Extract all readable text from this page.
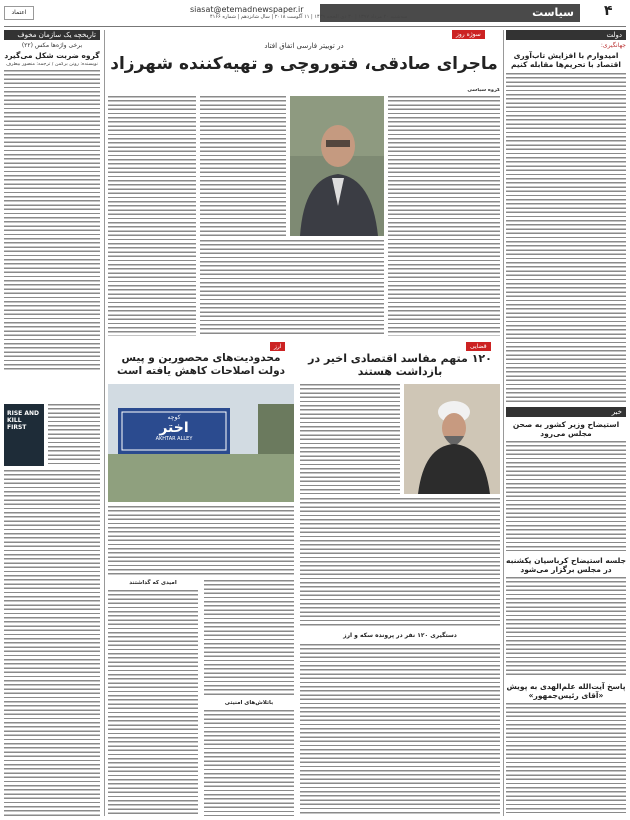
۴
سیاست
siasat@etemadnewspaper.ir
سه‌شنبه ۲۰ مرداد ۱۳۹۷ | ۳۰ ذی الحجه ۱۴۳۹ | ۱۱ آگوست ۲۰۱۸ | سال شانزدهم | شماره ۴۱۶۶
اعتماد
دولت
جهانگیری:
امیدوارم با افزایش تاب‌آوری اقتصاد با تحریم‌ها مقابله کنیم
خبر
استیضاح وزیر کشور به صحن مجلس می‌رود
جلسه استیضاح کرباسیان یکشنبه در مجلس برگزار می‌شود
پاسخ آیت‌الله علم‌الهدی به پویش «آقای رئیس‌جمهور»
سوژه روز
در توییتر فارسی اتفاق افتاد
ماجرای صادقی، فتوروچی و تهیه‌کننده شهرزاد
گروه سیاسی
قضایی
۱۲۰ متهم مفاسد اقتصادی اخیر در بازداشت هستند
دستگیری ۱۲۰ نفر در پرونده سکه و ارز
ارز
محدودیت‌های محصورین و پیس دولت اصلاحات کاهش یافته است
کوچه
اختر
AKHTAR ALLEY
امیدی که گذاشتند
باتلاش‌های امنیتی
تاریخچه یک سازمان مخوف
برخی واژه‌ها مکس (۲۲)
گروه ضربت شکل می‌گیرد
نویسنده: رونن برگمن / ترجمه: منصور بیطرف
RISE AND KILL FIRST
